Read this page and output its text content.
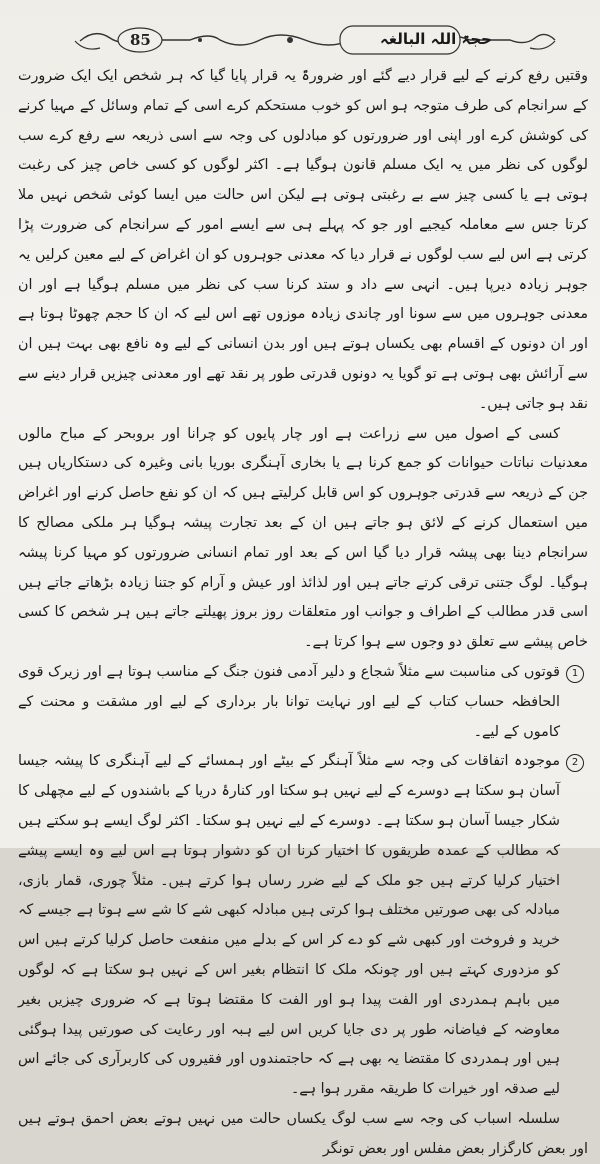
85	حجۃ اللہ البالغہ

وقتیں رفع کرنے کے لیے قرار دیے گئے اور ضرورۃً یہ قرار پایا گیا کہ ہر شخص ایک ایک ضرورت کے سرانجام کی طرف متوجہ ہو اس کو خوب مستحکم کرے اسی کے تمام وسائل کے مہیا کرنے کی کوشش کرے اور اپنی اور ضرورتوں کو مبادلوں کی وجہ سے اسی ذریعہ سے رفع کرے سب لوگوں کی نظر میں یہ ایک مسلم قانون ہوگیا ہے۔ اکثر لوگوں کو کسی خاص چیز کی رغبت ہوتی ہے یا کسی چیز سے بے رغبتی ہوتی ہے لیکن اس حالت میں ایسا کوئی شخص نہیں ملا کرتا جس سے معاملہ کیجیے اور جو کہ پہلے ہی سے ایسے امور کے سرانجام کی ضرورت پڑا کرتی ہے اس لیے سب لوگوں نے قرار دیا کہ معدنی جوہروں کو ان اغراض کے لیے معین کرلیں یہ جوہر زیادہ دیرپا ہیں۔ انہی سے داد و ستد کرنا سب کی نظر میں مسلم ہوگیا ہے اور ان معدنی جوہروں میں سے سونا اور چاندی زیادہ موزوں تھے اس لیے کہ ان کا حجم چھوٹا ہوتا ہے اور ان دونوں کے اقسام بھی یکساں ہوتے ہیں اور بدن انسانی کے لیے وہ نافع بھی بہت ہیں ان سے آرائش بھی ہوتی ہے تو گویا یہ دونوں قدرتی طور پر نقد تھے اور معدنی چیزیں قرار دینے سے نقد ہو جاتی ہیں۔

کسی کے اصول میں سے زراعت ہے اور چار پایوں کو چرانا اور بروبحر کے مباح مالوں معدنیات نباتات حیوانات کو جمع کرنا ہے یا بخاری آہنگری بوریا بانی وغیرہ کی دستکاریاں ہیں جن کے ذریعہ سے قدرتی جوہروں کو اس قابل کرلیتے ہیں کہ ان کو نفع حاصل کرنے اور اغراض میں استعمال کرنے کے لائق ہو جاتے ہیں ان کے بعد تجارت پیشہ ہوگیا ہر ملکی مصالح کا سرانجام دینا بھی پیشہ قرار دیا گیا اس کے بعد اور تمام انسانی ضرورتوں کو مہیا کرنا پیشہ ہوگیا۔ لوگ جتنی ترقی کرتے جاتے ہیں اور لذائذ اور عیش و آرام کو جتنا زیادہ بڑھاتے جاتے ہیں اسی قدر مطالب کے اطراف و جوانب اور متعلقات روز بروز پھیلتے جاتے ہیں ہر شخص کا کسی خاص پیشے سے تعلق دو وجوں سے ہوا کرتا ہے۔

1

قوتوں کی مناسبت سے مثلاً شجاع و دلیر آدمی فنون جنگ کے مناسب ہوتا ہے اور زیرک قوی الحافظہ حساب کتاب کے لیے اور نہایت توانا بار برداری کے لیے اور مشقت و محنت کے کاموں کے لیے۔

2

موجودہ اتفاقات کی وجہ سے مثلاً آہنگر کے بیٹے اور ہمسائے کے لیے آہنگری کا پیشہ جیسا آسان ہو سکتا ہے دوسرے کے لیے نہیں ہو سکتا اور کنارۂ دریا کے باشندوں کے لیے مچھلی کا شکار جیسا آسان ہو سکتا ہے۔ دوسرے کے لیے نہیں ہو سکتا۔ اکثر لوگ ایسے ہو سکتے ہیں کہ مطالب کے عمدہ طریقوں کا اختیار کرنا ان کو دشوار ہوتا ہے اس لیے وہ ایسے پیشے اختیار کرلیا کرتے ہیں جو ملک کے لیے ضرر رساں ہوا کرتے ہیں۔ مثلاً چوری، قمار بازی، مبادلہ کی بھی صورتیں مختلف ہوا کرتی ہیں مبادلہ کبھی شے کا شے سے ہوتا ہے جیسے کہ خرید و فروخت اور کبھی شے کو دے کر اس کے بدلے میں منفعت حاصل کرلیا کرتے ہیں اس کو مزدوری کہتے ہیں اور چونکہ ملک کا انتظام بغیر اس کے نہیں ہو سکتا ہے کہ لوگوں میں باہم ہمدردی اور الفت پیدا ہو اور الفت کا مقتضا ہوتا ہے کہ ضروری چیزیں بغیر معاوضہ کے فیاضانہ طور پر دی جایا کریں اس لیے ہبہ اور رعایت کی صورتیں پیدا ہوگئی ہیں اور ہمدردی کا مقتضا یہ بھی ہے کہ حاجتمندوں اور فقیروں کی کاربرآری کی جائے اس لیے صدقہ اور خیرات کا طریقہ مقرر ہوا ہے۔

سلسلہ اسباب کی وجہ سے سب لوگ یکساں حالت میں نہیں ہوتے بعض احمق ہوتے ہیں اور بعض کارگزار بعض مفلس اور بعض تونگر
